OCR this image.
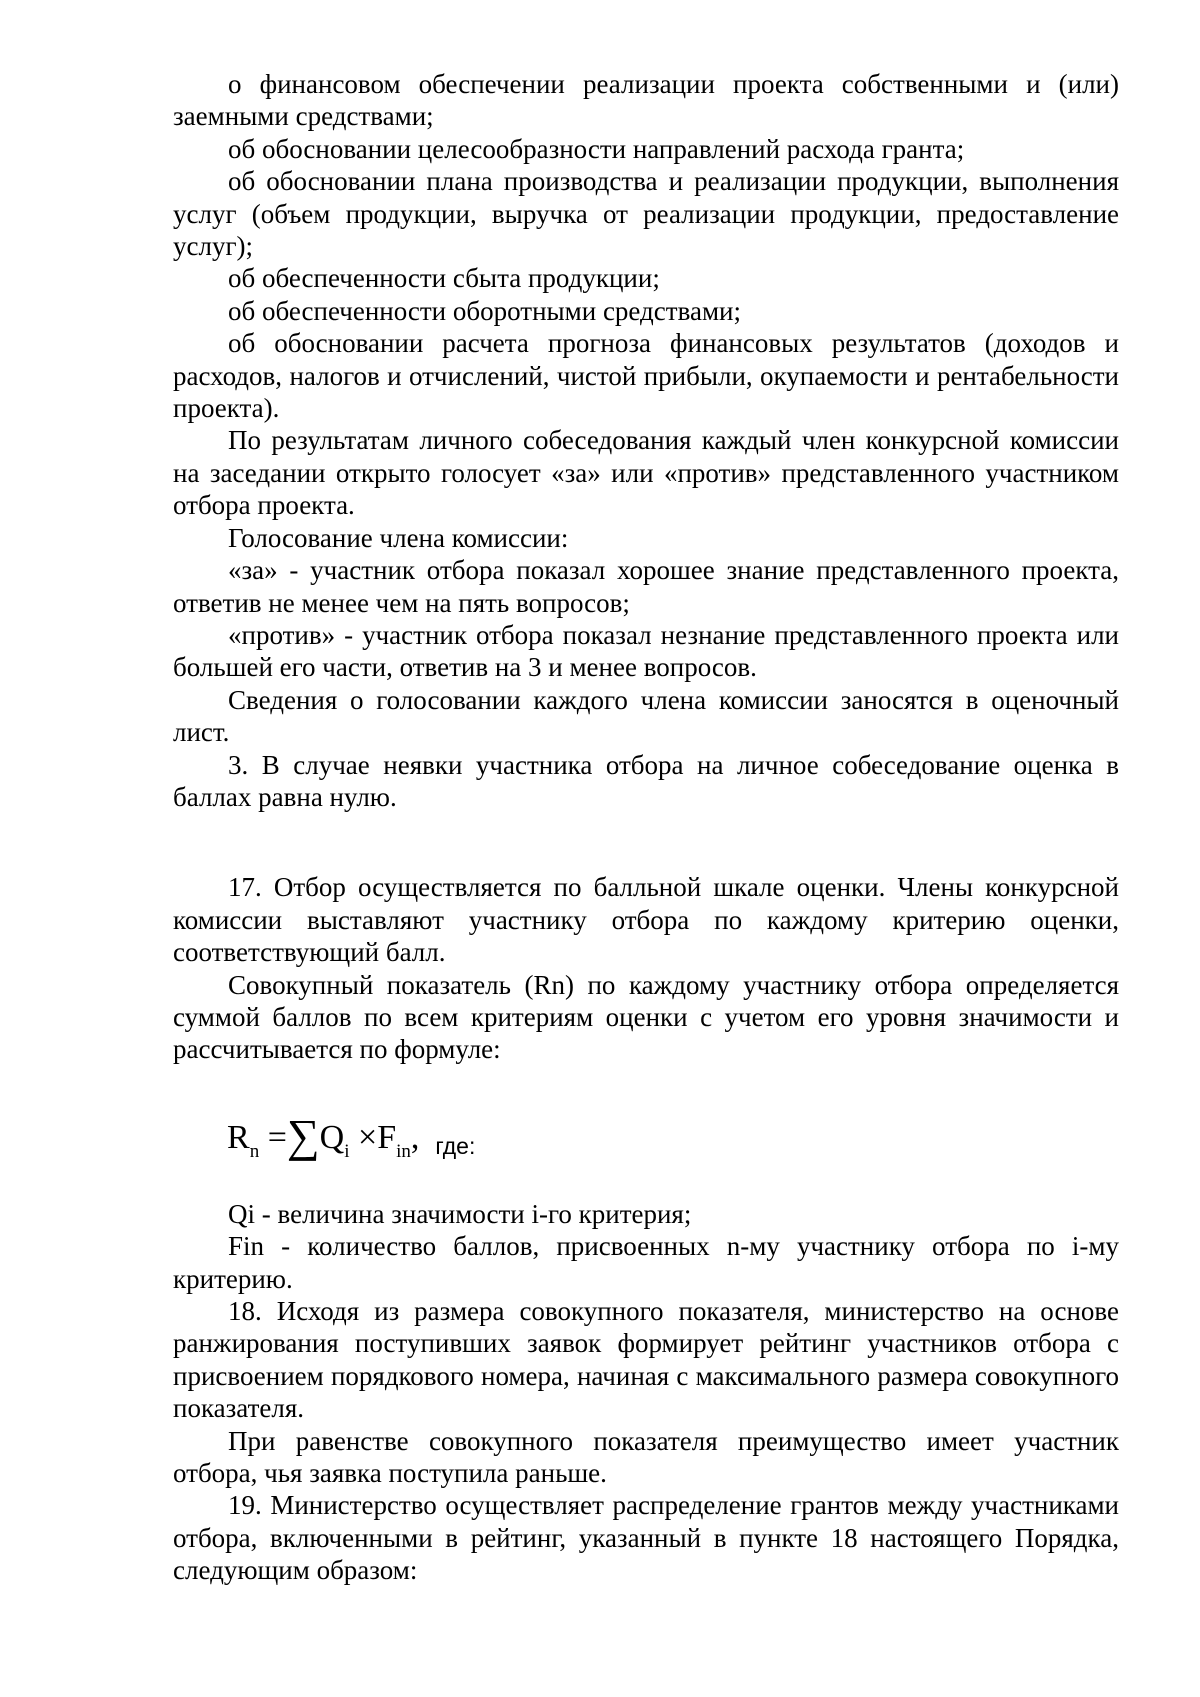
о финансовом обеспечении реализации проекта собственными и (или) заемными средствами;

об обосновании целесообразности направлений расхода гранта;

об обосновании плана производства и реализации продукции, выполнения услуг (объем продукции, выручка от реализации продукции, предоставление услуг);

об обеспеченности сбыта продукции;

об обеспеченности оборотными средствами;

об обосновании расчета прогноза финансовых результатов (доходов и расходов, налогов и отчислений, чистой прибыли, окупаемости и рентабельности проекта).

По результатам личного собеседования каждый член конкурсной комиссии на заседании открыто голосует «за» или «против» представленного участником отбора проекта.

Голосование члена комиссии:

«за» - участник отбора показал хорошее знание представленного проекта, ответив не менее чем на пять вопросов;

«против» - участник отбора показал незнание представленного проекта или большей его части, ответив на 3 и менее вопросов.

Сведения о голосовании каждого члена комиссии заносятся в оценочный лист.

3. В случае неявки участника отбора на личное собеседование оценка в баллах равна нулю.

17. Отбор осуществляется по балльной шкале оценки. Члены конкурсной комиссии выставляют участнику отбора по каждому критерию оценки, соответствующий балл.

Совокупный показатель (Rn) по каждому участнику отбора определяется суммой баллов по всем критериям оценки с учетом его уровня значимости и рассчитывается по формуле:

$R_n =\sum Q_i \times F_{in}$, где:

Qi - величина значимости i-го критерия;

Fin - количество баллов, присвоенных n-му участнику отбора по i-му критерию.

18. Исходя из размера совокупного показателя, министерство на основе ранжирования поступивших заявок формирует рейтинг участников отбора с присвоением порядкового номера, начиная с максимального размера совокупного показателя.

При равенстве совокупного показателя преимущество имеет участник отбора, чья заявка поступила раньше.

19. Министерство осуществляет распределение грантов между участниками отбора, включенными в рейтинг, указанный в пункте 18 настоящего Порядка, следующим образом:
